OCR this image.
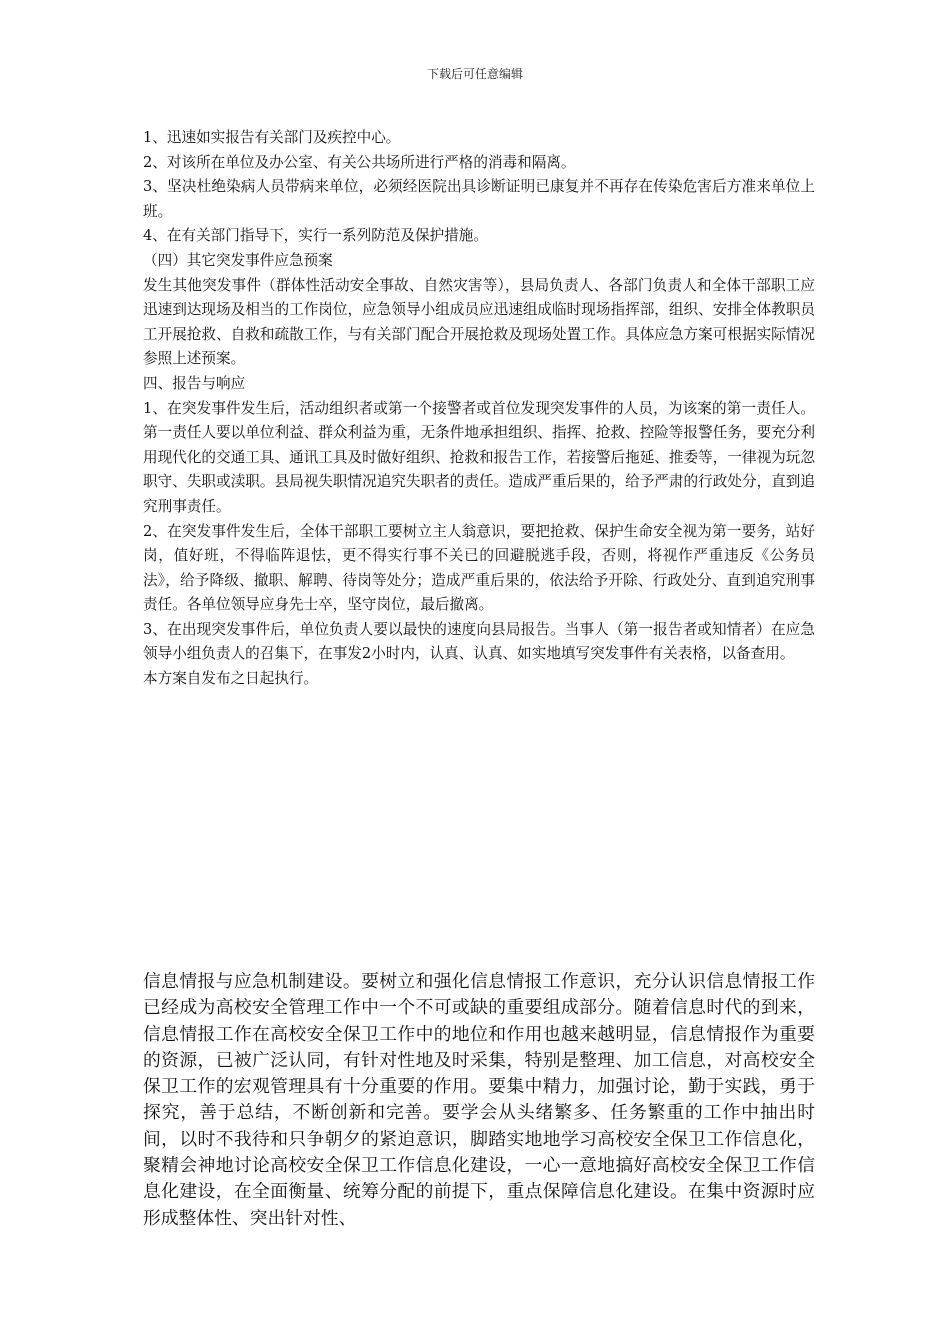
下载后可任意编辑

1、迅速如实报告有关部门及疾控中心。

2、对该所在单位及办公室、有关公共场所进行严格的消毒和隔离。

3、坚决杜绝染病人员带病来单位，必须经医院出具诊断证明已康复并不再存在传染危害后方准来单位上班。

4、在有关部门指导下，实行一系列防范及保护措施。

（四）其它突发事件应急预案

发生其他突发事件（群体性活动安全事故、自然灾害等），县局负责人、各部门负责人和全体干部职工应迅速到达现场及相当的工作岗位，应急领导小组成员应迅速组成临时现场指挥部，组织、安排全体教职员工开展抢救、自救和疏散工作，与有关部门配合开展抢救及现场处置工作。具体应急方案可根据实际情况参照上述预案。

四、报告与响应

1、在突发事件发生后，活动组织者或第一个接警者或首位发现突发事件的人员，为该案的第一责任人。第一责任人要以单位利益、群众利益为重，无条件地承担组织、指挥、抢救、控险等报警任务，要充分利用现代化的交通工具、通讯工具及时做好组织、抢救和报告工作，若接警后拖延、推委等，一律视为玩忽职守、失职或渎职。县局视失职情况追究失职者的责任。造成严重后果的，给予严肃的行政处分，直到追究刑事责任。

2、在突发事件发生后，全体干部职工要树立主人翁意识，要把抢救、保护生命安全视为第一要务，站好岗，值好班，不得临阵退怯，更不得实行事不关已的回避脱逃手段，否则，将视作严重违反《公务员法》，给予降级、撤职、解聘、待岗等处分；造成严重后果的，依法给予开除、行政处分、直到追究刑事责任。各单位领导应身先士卒，坚守岗位，最后撤离。

3、在出现突发事件后，单位负责人要以最快的速度向县局报告。当事人（第一报告者或知情者）在应急领导小组负责人的召集下，在事发2小时内，认真、认真、如实地填写突发事件有关表格，以备查用。

本方案自发布之日起执行。

信息情报与应急机制建设。要树立和强化信息情报工作意识，充分认识信息情报工作已经成为高校安全管理工作中一个不可或缺的重要组成部分。随着信息时代的到来，信息情报工作在高校安全保卫工作中的地位和作用也越来越明显，信息情报作为重要的资源，已被广泛认同，有针对性地及时采集，特别是整理、加工信息，对高校安全保卫工作的宏观管理具有十分重要的作用。要集中精力，加强讨论，勤于实践，勇于探究，善于总结，不断创新和完善。要学会从头绪繁多、任务繁重的工作中抽出时间，以时不我待和只争朝夕的紧迫意识，脚踏实地地学习高校安全保卫工作信息化，聚精会神地讨论高校安全保卫工作信息化建设，一心一意地搞好高校安全保卫工作信息化建设，在全面衡量、统筹分配的前提下，重点保障信息化建设。在集中资源时应形成整体性、突出针对性、
